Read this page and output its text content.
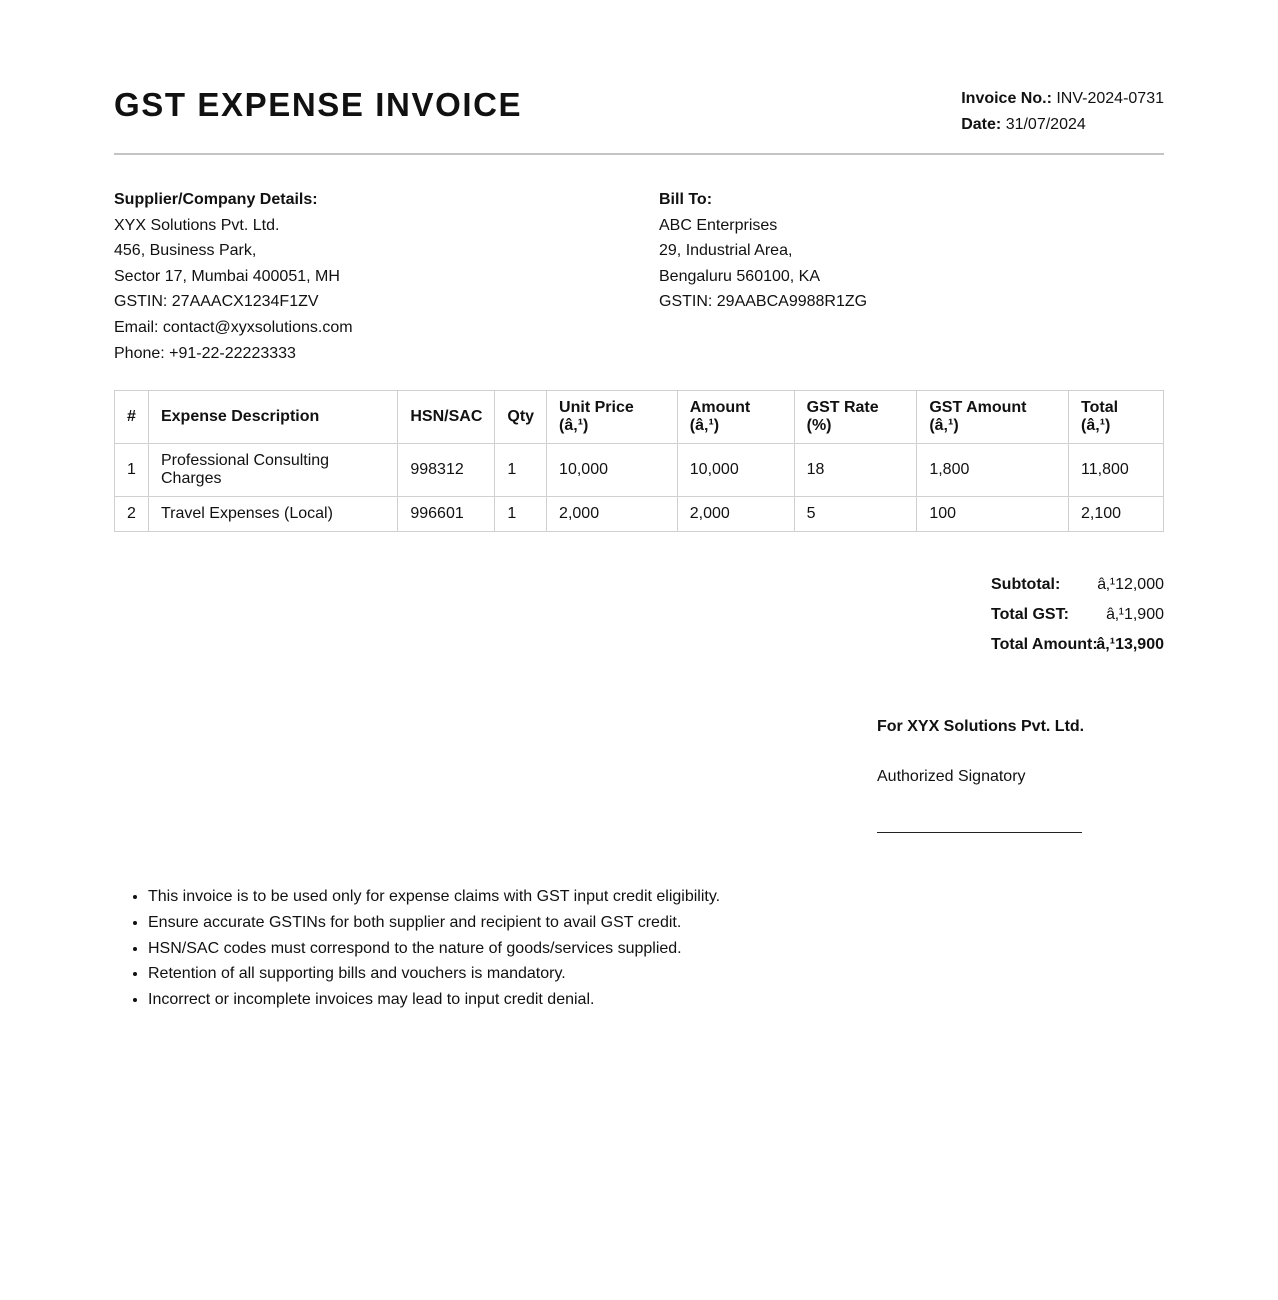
GST EXPENSE INVOICE	Invoice No.: INV-2024-0731
Date: 31/07/2024
Supplier/Company Details:
XYX Solutions Pvt. Ltd.
456, Business Park,
Sector 17, Mumbai 400051, MH
GSTIN: 27AAACX1234F1ZV
Email: contact@xyxsolutions.com
Phone: +91-22-22223333
Bill To:
ABC Enterprises
29, Industrial Area,
Bengaluru 560100, KA
GSTIN: 29AABCA9988R1ZG
#	Expense Description	HSN/SAC	Qty	Unit Price (â‚¹)	Amount (â‚¹)	GST Rate (%)	GST Amount (â‚¹)	Total (â‚¹)
1	Professional Consulting Charges	998312	1	10,000	10,000	18	1,800	11,800
2	Travel Expenses (Local)	996601	1	2,000	2,000	5	100	2,100
Subtotal:	â‚¹12,000
Total GST:	â‚¹1,900
Total Amount:
â‚¹13,900
For XYX Solutions Pvt. Ltd.
Authorized Signatory
• This invoice is to be used only for expense claims with GST input credit eligibility.
• Ensure accurate GSTINs for both supplier and recipient to avail GST credit.
• HSN/SAC codes must correspond to the nature of goods/services supplied.
• Retention of all supporting bills and vouchers is mandatory.
• Incorrect or incomplete invoices may lead to input credit denial.
